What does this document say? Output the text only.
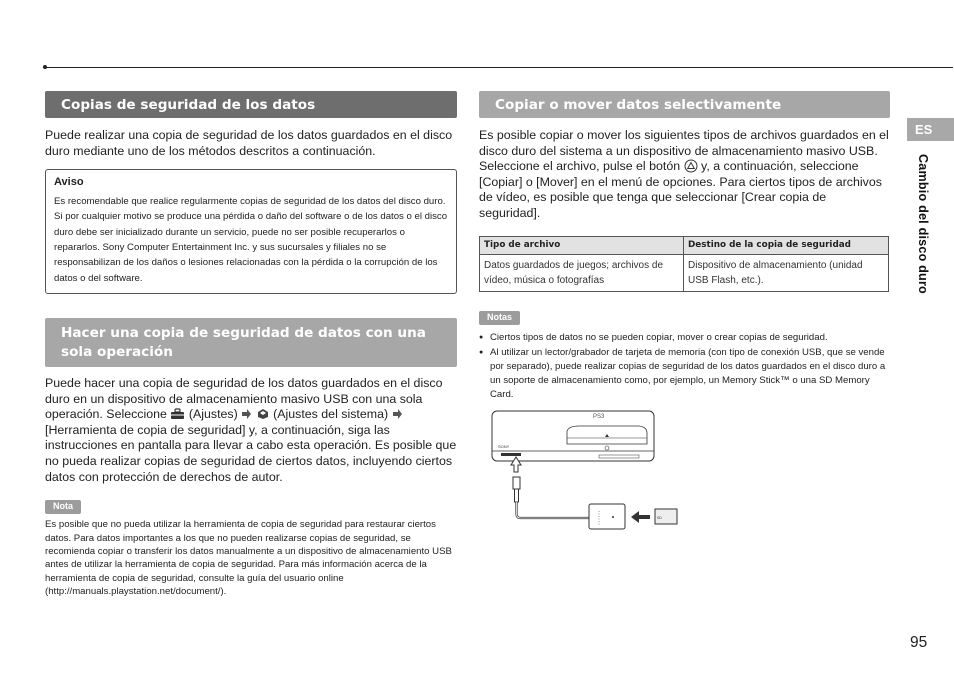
Copias de seguridad de los datos

Puede realizar una copia de seguridad de los datos guardados en el disco duro mediante uno de los métodos descritos a continuación.

Aviso
Es recomendable que realice regularmente copias de seguridad de los datos del disco duro. Si por cualquier motivo se produce una pérdida o daño del software o de los datos o el disco duro debe ser inicializado durante un servicio, puede no ser posible recuperarlos o repararlos. Sony Computer Entertainment Inc. y sus sucursales y filiales no se responsabilizan de los daños o lesiones relacionadas con la pérdida o la corrupción de los datos o del software.
Hacer una copia de seguridad de datos con una sola operación

Puede hacer una copia de seguridad de los datos guardados en el disco duro en un dispositivo de almacenamiento masivo USB con una sola operación. Seleccione (Ajustes)	(Ajustes del sistema)  [Herramienta de copia de seguridad] y, a continuación, siga las instrucciones en pantalla para llevar a cabo esta operación. Es posible que no pueda realizar copias de seguridad de ciertos datos, incluyendo ciertos datos con protección de derechos de autor.

Nota
Es posible que no pueda utilizar la herramienta de copia de seguridad para restaurar ciertos datos. Para datos importantes a los que no pueden realizarse copias de seguridad, se recomienda copiar o transferir los datos manualmente a un dispositivo de almacenamiento USB antes de utilizar la herramienta de copia de seguridad. Para más información acerca de la herramienta de copia de seguridad, consulte la guía del usuario online (http://manuals.playstation.net/document/).
Copiar o mover datos selectivamente

Es posible copiar o mover los siguientes tipos de archivos guardados en el disco duro del sistema a un dispositivo de almacenamiento masivo USB. Seleccione el archivo, pulse el botón y, a continuación, seleccione [Copiar] o [Mover] en el menú de opciones. Para ciertos tipos de archivos de vídeo, es posible que tenga que seleccionar [Crear copia de seguridad].

Tipo de archivo	Destino de la copia de seguridad
Datos guardados de juegos; archivos de vídeo, música o fotografías	Dispositivo de almacenamiento (unidad USB Flash, etc.).
Notas
● Ciertos tipos de datos no se pueden copiar, mover o crear copias de seguridad.
● Al utilizar un lector/grabador de tarjeta de memoria (con tipo de conexión USB, que se vende por separado), puede realizar copias de seguridad de los datos guardados en el disco duro a un soporte de almacenamiento como, por ejemplo, un Memory Stick™ o una SD Memory Card.
SONY
PS3
SD
ES
Cambio del disco duro
95
